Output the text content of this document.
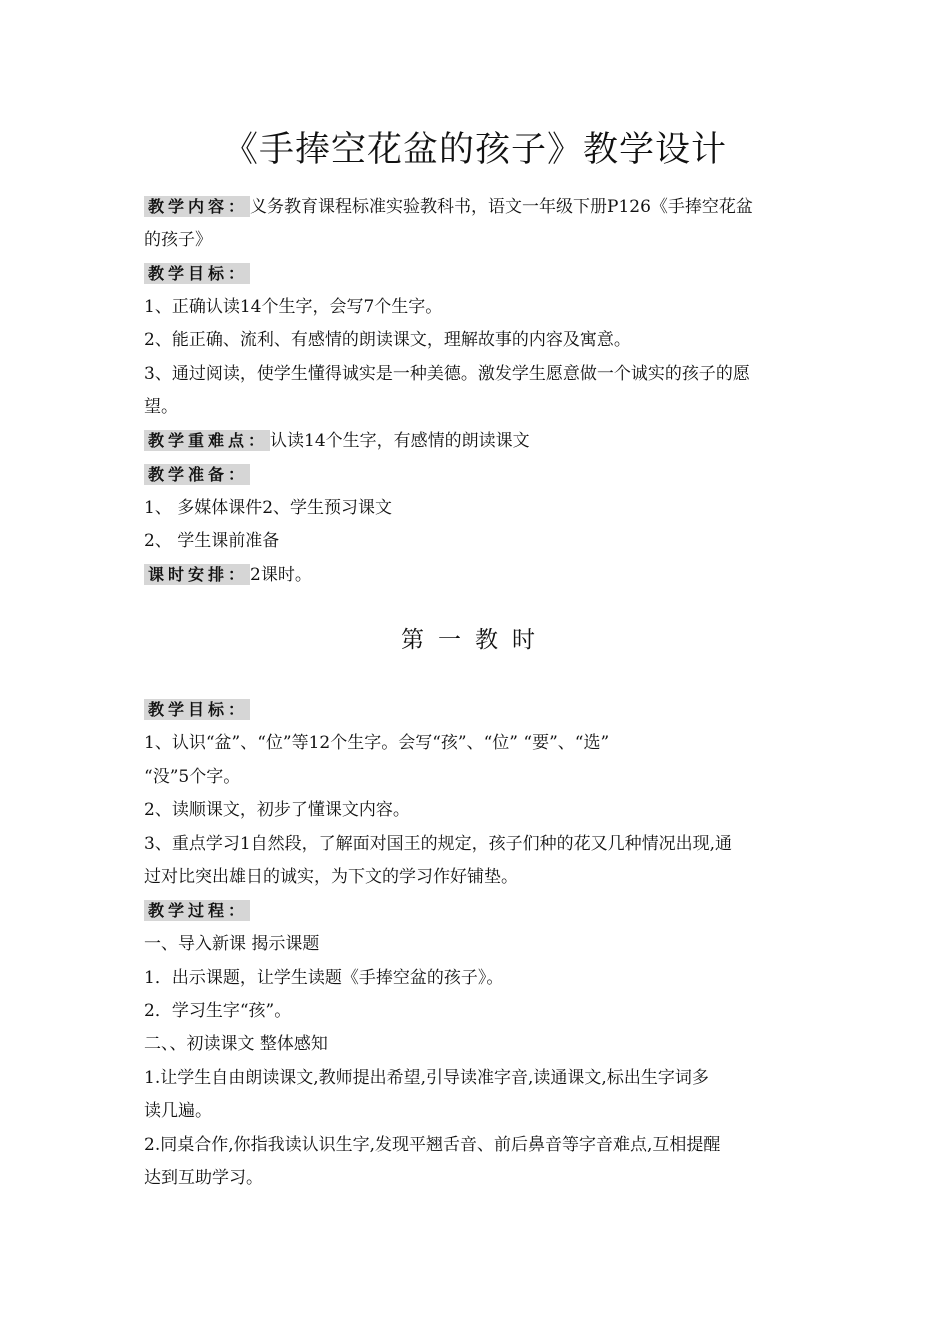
《手捧空花盆的孩子》教学设计
教学内容： 义务教育课程标准实验教科书，语文一年级下册P126《手捧空花盆
的孩子》
教学目标：
1、正确认读14个生字，会写7个生字。
2、能正确、流利、有感情的朗读课文，理解故事的内容及寓意。
3、通过阅读，使学生懂得诚实是一种美德。激发学生愿意做一个诚实的孩子的愿
望。
教学重难点： 认读14个生字，有感情的朗读课文
教学准备：
1、 多媒体课件2、学生预习课文
2、 学生课前准备
课时安排： 2课时。
第一教时
教学目标：
1、认识“盆”、“位”等12个生字。会写“孩”、“位” “要”、“选”
“没”5个字。
2、读顺课文，初步了懂课文内容。
3、重点学习1自然段，了解面对国王的规定，孩子们种的花又几种情况出现,通
过对比突出雄日的诚实，为下文的学习作好铺垫。
教学过程：
一、导入新课 揭示课题
1．出示课题，让学生读题《手捧空盆的孩子》。
2．学习生字“孩”。
二、、初读课文 整体感知
1.让学生自由朗读课文,教师提出希望,引导读准字音,读通课文,标出生字词多
读几遍。
2.同桌合作,你指我读认识生字,发现平翘舌音、前后鼻音等字音难点,互相提醒
达到互助学习。
